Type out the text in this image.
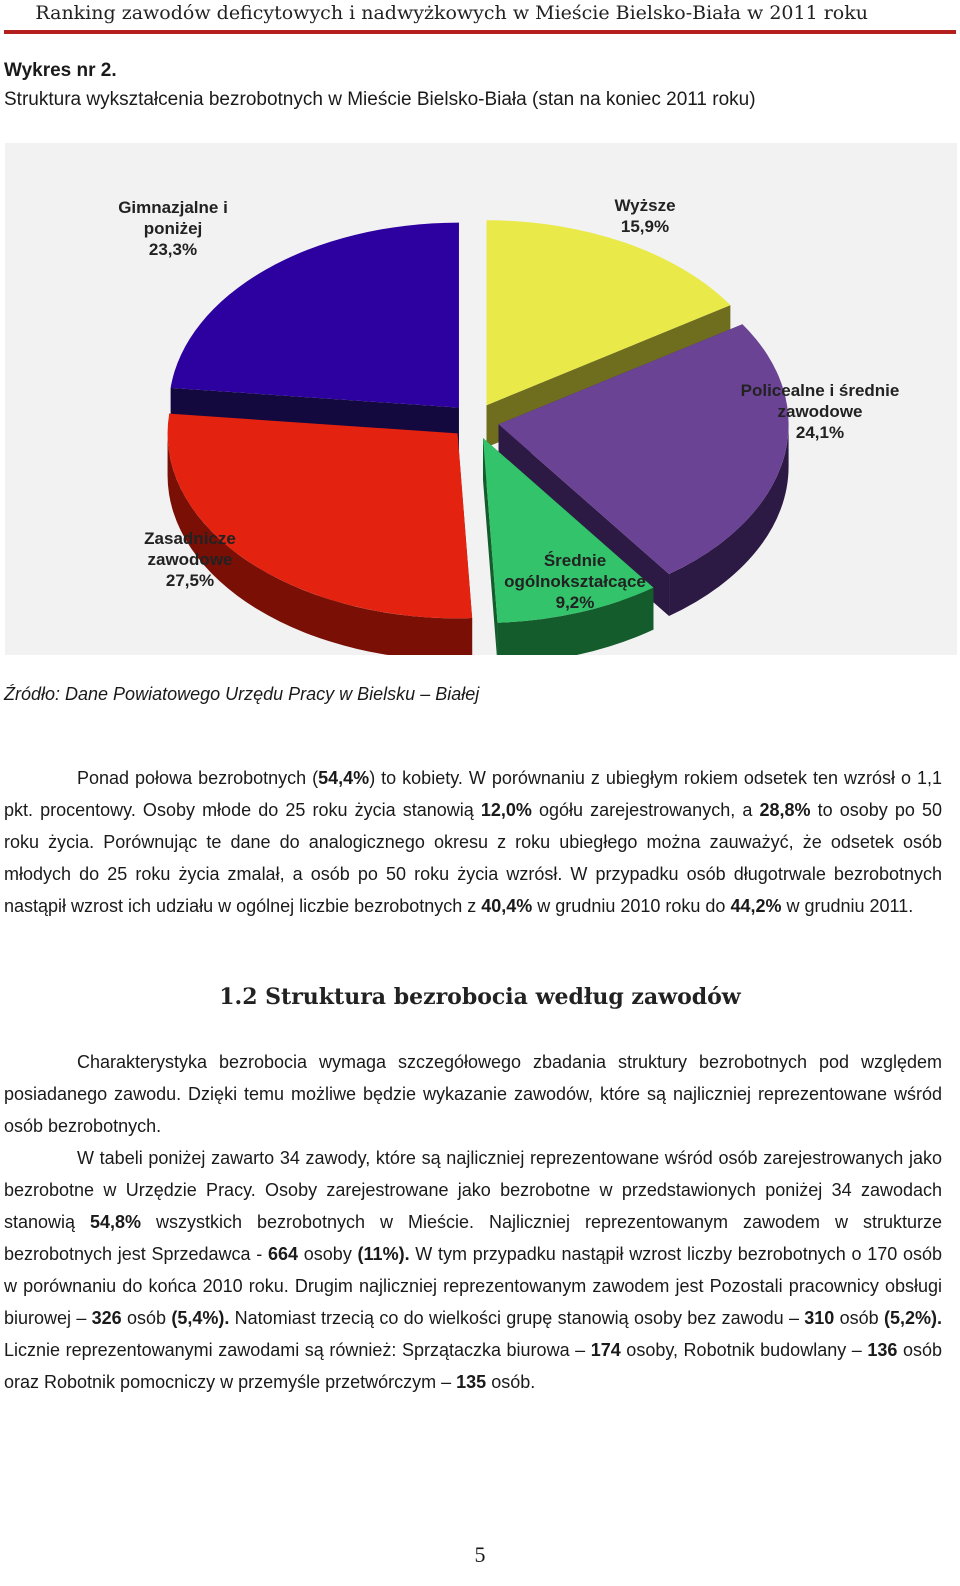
Ranking zawodów deficytowych i nadwyżkowych w Mieście Bielsko-Biała w 2011 roku
Wykres nr 2.
Struktura wykształcenia bezrobotnych w Mieście Bielsko-Biała (stan na koniec 2011 roku)
Wyższe 15,9%
Policealne i średnie zawodowe 24,1%
Średnie ogólnokształcące 9,2%
Zasadnicze zawodowe 27,5%
Gimnazjalne i poniżej 23,3%
Źródło: Dane Powiatowego Urzędu Pracy w Bielsku – Białej

Ponad połowa bezrobotnych (54,4%) to kobiety. W porównaniu z ubiegłym rokiem odsetek ten wzrósł o 1,1 pkt. procentowy. Osoby młode do 25 roku życia stanowią 12,0% ogółu zarejestrowanych, a 28,8% to osoby po 50 roku życia. Porównując te dane do analogicznego okresu z roku ubiegłego można zauważyć, że odsetek osób młodych do 25 roku życia zmalał, a osób po 50 roku życia wzrósł. W przypadku osób długotrwale bezrobotnych nastąpił wzrost ich udziału w ogólnej liczbie bezrobotnych z 40,4% w grudniu 2010 roku do 44,2% w grudniu 2011.

1.2 Struktura bezrobocia według zawodów

Charakterystyka bezrobocia wymaga szczegółowego zbadania struktury bezrobotnych pod względem posiadanego zawodu. Dzięki temu możliwe będzie wykazanie zawodów, które są najliczniej reprezentowane wśród osób bezrobotnych.

W tabeli poniżej zawarto 34 zawody, które są najliczniej reprezentowane wśród osób zarejestrowanych jako bezrobotne w Urzędzie Pracy. Osoby zarejestrowane jako bezrobotne w przedstawionych poniżej 34 zawodach stanowią 54,8% wszystkich bezrobotnych w Mieście. Najliczniej reprezentowanym zawodem w strukturze bezrobotnych jest Sprzedawca - 664 osoby (11%). W tym przypadku nastąpił wzrost liczby bezrobotnych o 170 osób w porównaniu do końca 2010 roku. Drugim najliczniej reprezentowanym zawodem jest Pozostali pracownicy obsługi biurowej – 326 osób (5,4%). Natomiast trzecią co do wielkości grupę stanowią osoby bez zawodu – 310 osób (5,2%). Licznie reprezentowanymi zawodami są również: Sprzątaczka biurowa – 174 osoby, Robotnik budowlany – 136 osób oraz Robotnik pomocniczy w przemyśle przetwórczym – 135 osób.

5
